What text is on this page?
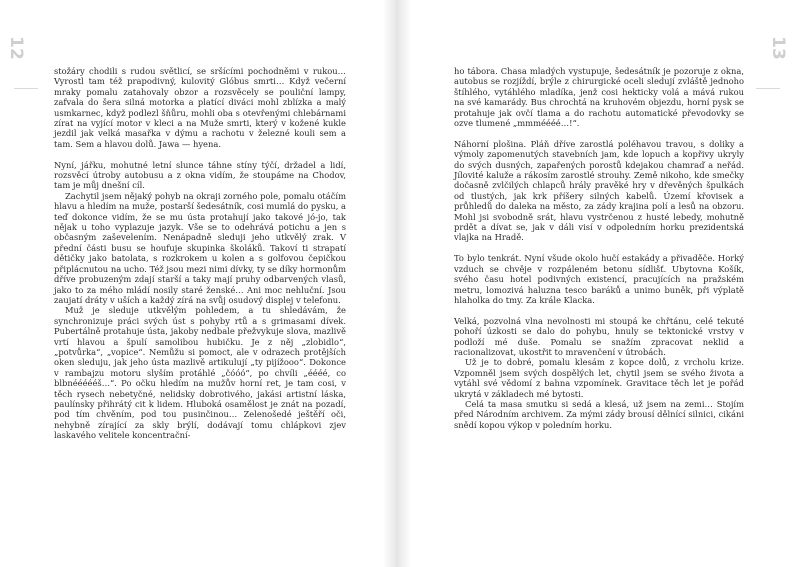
12

stožáry chodili s rudou světlicí, se sršícími pochodněmi v rukou… Vyrostl tam též prapodivný, kulovitý Glóbus smrti… Když večerní mraky pomalu zatahovaly obzor a rozsvěcely se pouliční lampy, zafvala do šera silná motorka a platící diváci mohl zblízka a malý usmkarnec, když podlezl šňůru, mohli oba s otevřenými chlebárnami zírat na vyjící motor v kleci a na Muže smrti, který v kožené kukle jezdil jak velká masařka v dýmu a rachotu v železné kouli sem a tam. Sem a hlavou dolů. Jawa — hyena.

Nyní, jářku, mohutné letní slunce táhne stíny týčí, držadel a lidí, rozsvěcí útroby autobusu a z okna vidím, že stoupáme na Chodov, tam je můj dnešní cíl.

Zachytil jsem nějaký pohyb na okraji zorného pole, pomalu otáčím hlavu a hledím na muže, postarší šedesátník, cosi mumlá do pysku, a teď dokonce vidím, že se mu ústa protahují jako takové jó-jo, tak nějak u toho vyplazuje jazyk. Vše se to odehrává potichu a jen s občasným zaševelením. Nenápadně sleduji jeho utkvělý zrak. V přední části busu se houfuje skupinka školáků. Takoví ti strapatí dětičky jako batolata, s rozkrokem u kolen a s golfovou čepičkou připlácnutou na ucho. Též jsou mezi nimi dívky, ty se díky hormonům dříve probuzeným zdají starší a taky mají pruhy odbarvených vlasů, jako to za mého mládí nosily staré ženské… Ani moc nehluční. Jsou zaujatí dráty v uších a každý zírá na svůj osudový displej v telefonu.

Muž je sleduje utkvělým pohledem, a tu shledávám, že synchronizuje práci svých úst s pohyby rtů a s grimasami dívek. Pubertálně protahuje ústa, jakoby nedbale přežvykuje slova, mazlivě vrtí hlavou a špulí samolibou hubičku. Je z něj „zlobidlo“, „potvůrka“, „vopice“. Nemůžu si pomoct, ale v odrazech protějších oken sleduju, jak jeho ústa mazlivě artikulují „ty pijížooo“. Dokonce v rambajzu motoru slyším protáhlé „čóóó“, po chvíli „éééé, co blbnéééééš…“. Po očku hledím na mužův horní ret, je tam cosi, v těch rysech nebetyčné, nelidsky dobrotivého, jakási artistní láska, paulínsky přihrátý cit k lidem. Hluboká osamělost je znát na pozadí, pod tím chvěním, pod tou pusinčinou… Zelenošedé ještěří oči, nehybně zírající za skly brýlí, dodávají tomu chlápkovi zjev laskavého velitele koncentrační-

13

ho tábora. Chasa mladých vystupuje, šedesátník je pozoruje z okna, autobus se rozjíždí, brýle z chirurgické oceli sledují zvláště jednoho štíhlého, vytáhlého mladíka, jenž cosi hekticky volá a mává rukou na své kamarády. Bus chrochtá na kruhovém objezdu, horní pysk se protahuje jak ovčí tlama a do rachotu automatické převodovky se ozve tlumené „mmméééé…!“.

Náhorní plošina. Pláň dříve zarostlá poléhavou travou, s doliky a výmoly zapomenutých stavebních jam, kde lopuch a kopřivy ukryly do svých dusných, zapařených porostů kdejakou chamraď a neřád. Jílovité kaluže a rákosím zarostlé strouhy. Země nikoho, kde smečky dočasně zvlčilých chlapců hrály pravěké hry v dřevěných špulkách od tlustých, jak krk příšery silných kabelů. Území křovisek a průhledů do daleka na město, za zády krajina polí a lesů na obzoru. Mohl jsi svobodně srát, hlavu vystrčenou z husté lebedy, mohutně prdět a dívat se, jak v dáli visí v odpoledním horku prezidentská vlajka na Hradě.

To bylo tenkrát. Nyní všude okolo hučí estakády a přivaděče. Horký vzduch se chvěje v rozpáleném betonu sídlišť. Ubytovna Košík, svého času hotel podivných existencí, pracujících na pražském metru, lomozivá haluzna tesco baráků a unimo buněk, při výplatě hlaholka do tmy. Za krále Klacka.

Velká, pozvolná vlna nevolnosti mi stoupá ke chřtánu, celé tekuté pohoří úzkosti se dalo do pohybu, hnuly se tektonické vrstvy v podloží mé duše. Pomalu se snažím zpracovat neklid a racionalizovat, ukostřit to mravenčení v útrobách.

Už je to dobré, pomalu klesám z kopce dolů, z vrcholu krize. Vzpomněl jsem svých dospělých let, chytil jsem se svého života a vytáhl své vědomí z bahna vzpomínek. Gravitace těch let je pořád ukrytá v základech mé bytosti.

Celá ta masa smutku si sedá a klesá, už jsem na zemi… Stojím před Národním archivem. Za mými zády brousí dělnící silnici, cikáni snědí kopou výkop v poledním horku.
